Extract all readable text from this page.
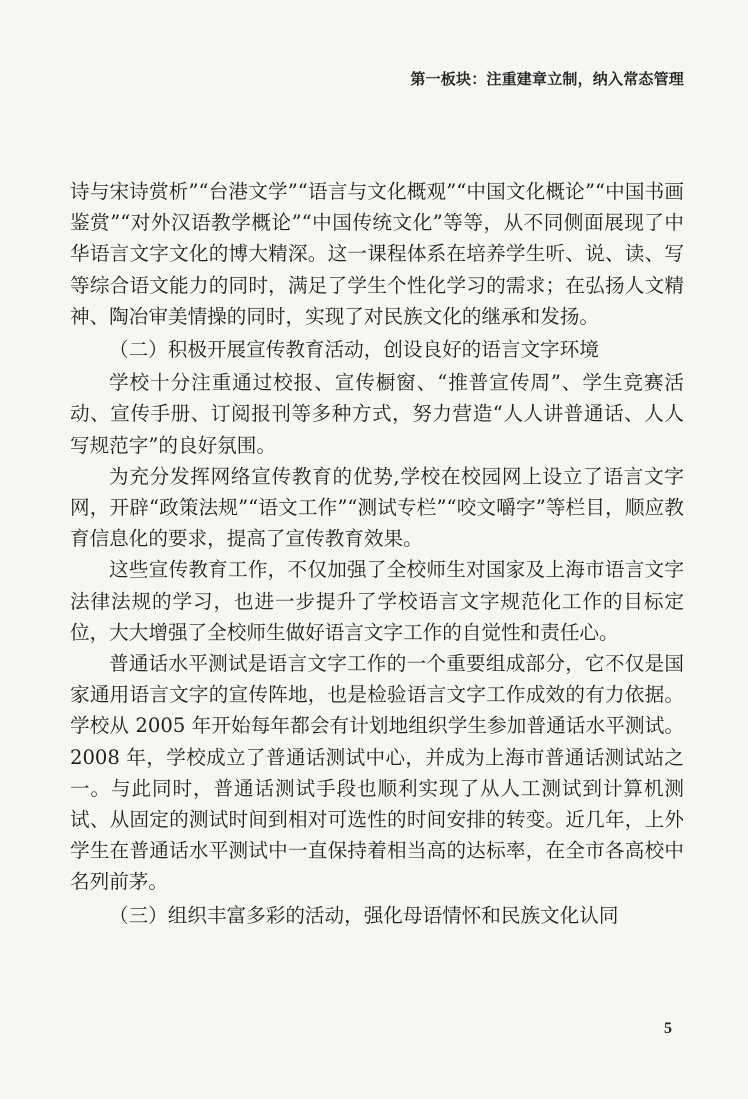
第一板块：注重建章立制，纳入常态管理

诗与宋诗赏析”“台港文学”“语言与文化概观”“中国文化概论”“中国书画鉴赏”“对外汉语教学概论”“中国传统文化”等等，从不同侧面展现了中华语言文字文化的博大精深。这一课程体系在培养学生听、说、读、写等综合语文能力的同时，满足了学生个性化学习的需求；在弘扬人文精神、陶冶审美情操的同时，实现了对民族文化的继承和发扬。

（二）积极开展宣传教育活动，创设良好的语言文字环境

学校十分注重通过校报、宣传橱窗、“推普宣传周”、学生竞赛活动、宣传手册、订阅报刊等多种方式，努力营造“人人讲普通话、人人写规范字”的良好氛围。

为充分发挥网络宣传教育的优势,学校在校园网上设立了语言文字网，开辟“政策法规”“语文工作”“测试专栏”“咬文嚼字”等栏目，顺应教育信息化的要求，提高了宣传教育效果。

这些宣传教育工作，不仅加强了全校师生对国家及上海市语言文字法律法规的学习，也进一步提升了学校语言文字规范化工作的目标定位，大大增强了全校师生做好语言文字工作的自觉性和责任心。

普通话水平测试是语言文字工作的一个重要组成部分，它不仅是国家通用语言文字的宣传阵地，也是检验语言文字工作成效的有力依据。学校从 2005 年开始每年都会有计划地组织学生参加普通话水平测试。2008 年，学校成立了普通话测试中心，并成为上海市普通话测试站之一。与此同时，普通话测试手段也顺利实现了从人工测试到计算机测试、从固定的测试时间到相对可选性的时间安排的转变。近几年，上外学生在普通话水平测试中一直保持着相当高的达标率，在全市各高校中名列前茅。

（三）组织丰富多彩的活动，强化母语情怀和民族文化认同

5
